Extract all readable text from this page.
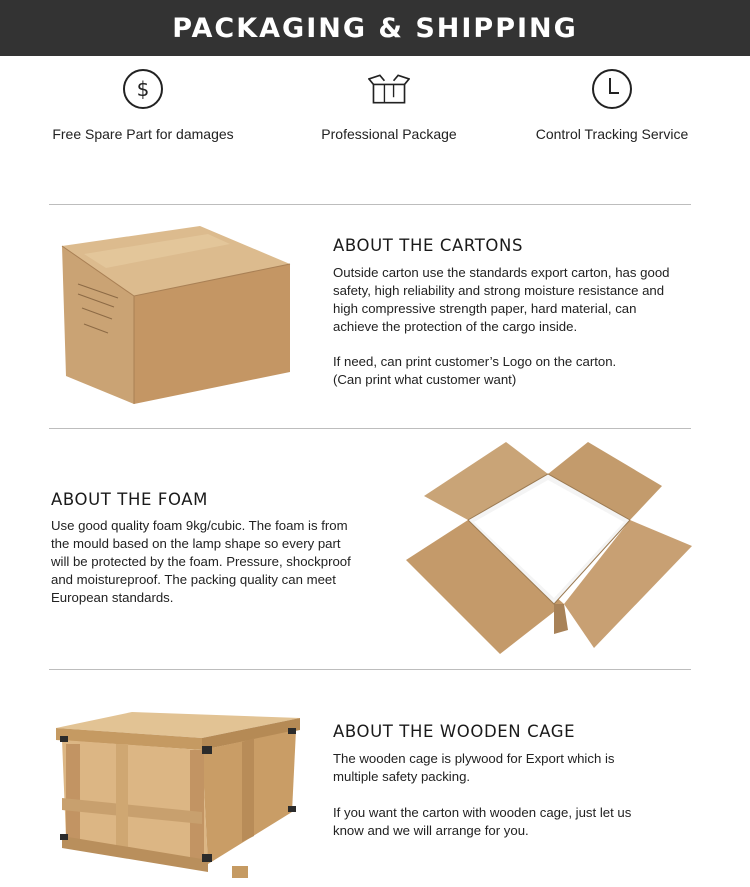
PACKAGING & SHIPPING
$
Free Spare Part for damages	Professional Package	Control Tracking Service
ABOUT THE CARTONS
Outside carton use the standards export carton, has good
safety, high reliability and strong moisture resistance and
high compressive strength paper, hard material, can
achieve the protection of the cargo inside.
If need, can print customer’s Logo on the carton.
(Can print what customer want)
ABOUT THE FOAM
Use good quality foam 9kg/cubic. The foam is from
the mould based on the lamp shape so every part
will be protected by the foam. Pressure, shockproof
and moistureproof. The packing quality can meet
European standards.
ABOUT THE WOODEN CAGE
The wooden cage is plywood for Export which is
multiple safety packing.
If you want the carton with wooden cage, just let us
know and we will arrange for you.
